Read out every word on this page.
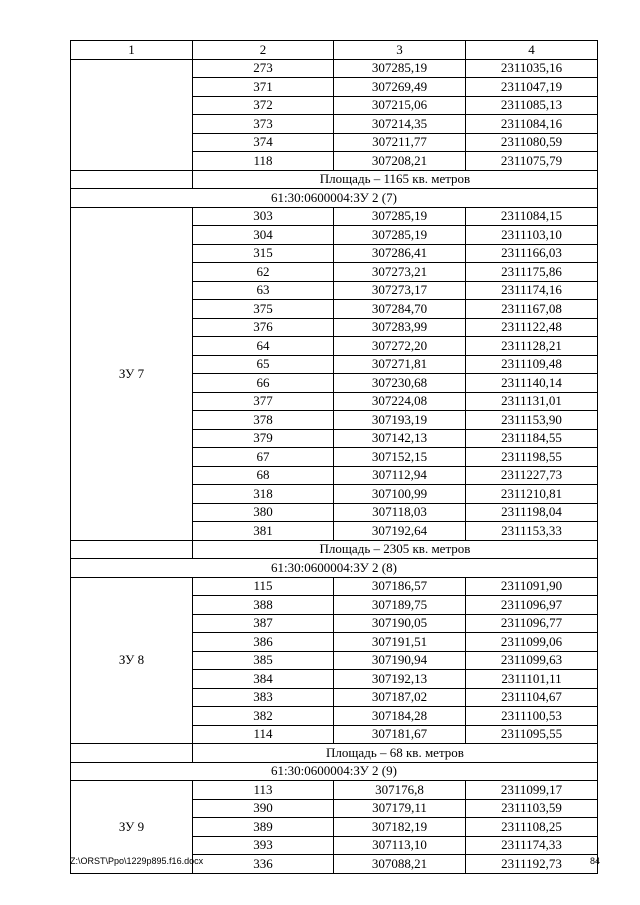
1	2	3	4
	273	307285,19	2311035,16
	371	307269,49	2311047,19
	372	307215,06	2311085,13
	373	307214,35	2311084,16
	374	307211,77	2311080,59
	118	307208,21	2311075,79
	Площадь – 1165 кв. метров		
61:30:0600004:ЗУ 2 (7)			
ЗУ 7	303	307285,19	2311084,15
	304	307285,19	2311103,10
	315	307286,41	2311166,03
	62	307273,21	2311175,86
	63	307273,17	2311174,16
	375	307284,70	2311167,08
	376	307283,99	2311122,48
	64	307272,20	2311128,21
	65	307271,81	2311109,48
	66	307230,68	2311140,14
	377	307224,08	2311131,01
	378	307193,19	2311153,90
	379	307142,13	2311184,55
	67	307152,15	2311198,55
	68	307112,94	2311227,73
	318	307100,99	2311210,81
	380	307118,03	2311198,04
	381	307192,64	2311153,33
	Площадь – 2305 кв. метров		
61:30:0600004:ЗУ 2 (8)			
ЗУ 8	115	307186,57	2311091,90
	388	307189,75	2311096,97
	387	307190,05	2311096,77
	386	307191,51	2311099,06
	385	307190,94	2311099,63
	384	307192,13	2311101,11
	383	307187,02	2311104,67
	382	307184,28	2311100,53
	114	307181,67	2311095,55
	Площадь – 68 кв. метров		
61:30:0600004:ЗУ 2 (9)			
ЗУ 9	113	307176,8	2311099,17
	390	307179,11	2311103,59
	389	307182,19	2311108,25
	393	307113,10	2311174,33
	336	307088,21	2311192,73
Z:\ORST\Ppo\1229p895.f16.docx	84
